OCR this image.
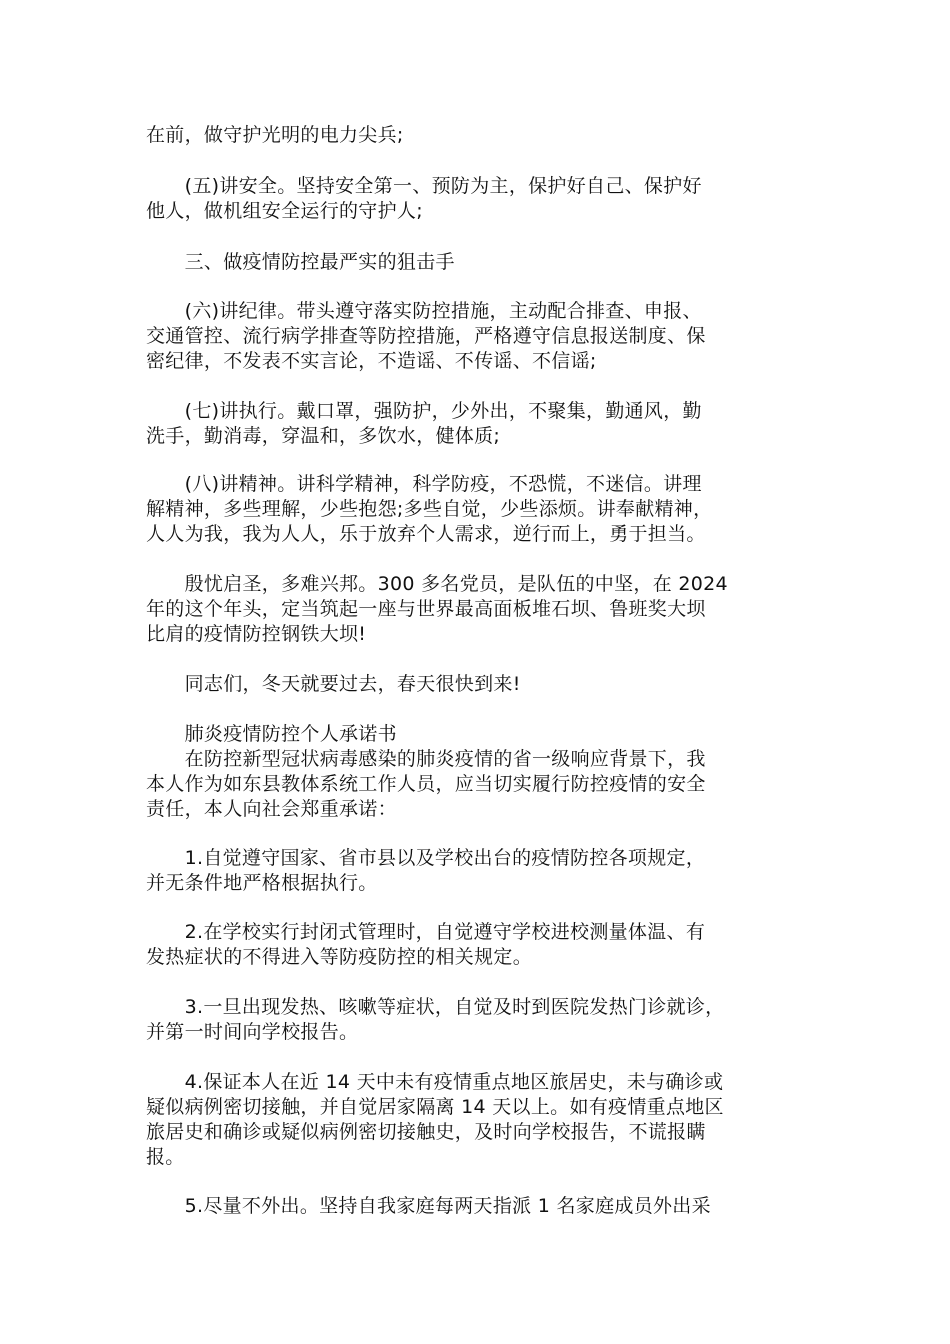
在前，做守护光明的电力尖兵;

　　(五)讲安全。坚持安全第一、预防为主，保护好自己、保护好
他人，做机组安全运行的守护人;

　　三、做疫情防控最严实的狙击手

　　(六)讲纪律。带头遵守落实防控措施，主动配合排查、申报、
交通管控、流行病学排查等防控措施，严格遵守信息报送制度、保
密纪律，不发表不实言论，不造谣、不传谣、不信谣;

　　(七)讲执行。戴口罩，强防护，少外出，不聚集，勤通风，勤
洗手，勤消毒，穿温和，多饮水，健体质;

　　(八)讲精神。讲科学精神，科学防疫，不恐慌，不迷信。讲理
解精神，多些理解，少些抱怨;多些自觉，少些添烦。讲奉献精神，
人人为我，我为人人，乐于放弃个人需求，逆行而上，勇于担当。

　　殷忧启圣，多难兴邦。300 多名党员，是队伍的中坚，在 2024
年的这个年头，定当筑起一座与世界最高面板堆石坝、鲁班奖大坝
比肩的疫情防控钢铁大坝!

　　同志们，冬天就要过去，春天很快到来!

　　肺炎疫情防控个人承诺书
　　在防控新型冠状病毒感染的肺炎疫情的省一级响应背景下，我
本人作为如东县教体系统工作人员，应当切实履行防控疫情的安全
责任，本人向社会郑重承诺：

　　1.自觉遵守国家、省市县以及学校出台的疫情防控各项规定，
并无条件地严格根据执行。

　　2.在学校实行封闭式管理时，自觉遵守学校进校测量体温、有
发热症状的不得进入等防疫防控的相关规定。

　　3.一旦出现发热、咳嗽等症状，自觉及时到医院发热门诊就诊，
并第一时间向学校报告。

　　4.保证本人在近 14 天中未有疫情重点地区旅居史，未与确诊或
疑似病例密切接触，并自觉居家隔离 14 天以上。如有疫情重点地区
旅居史和确诊或疑似病例密切接触史，及时向学校报告，不谎报瞒
报。

　　5.尽量不外出。坚持自我家庭每两天指派 1 名家庭成员外出采
